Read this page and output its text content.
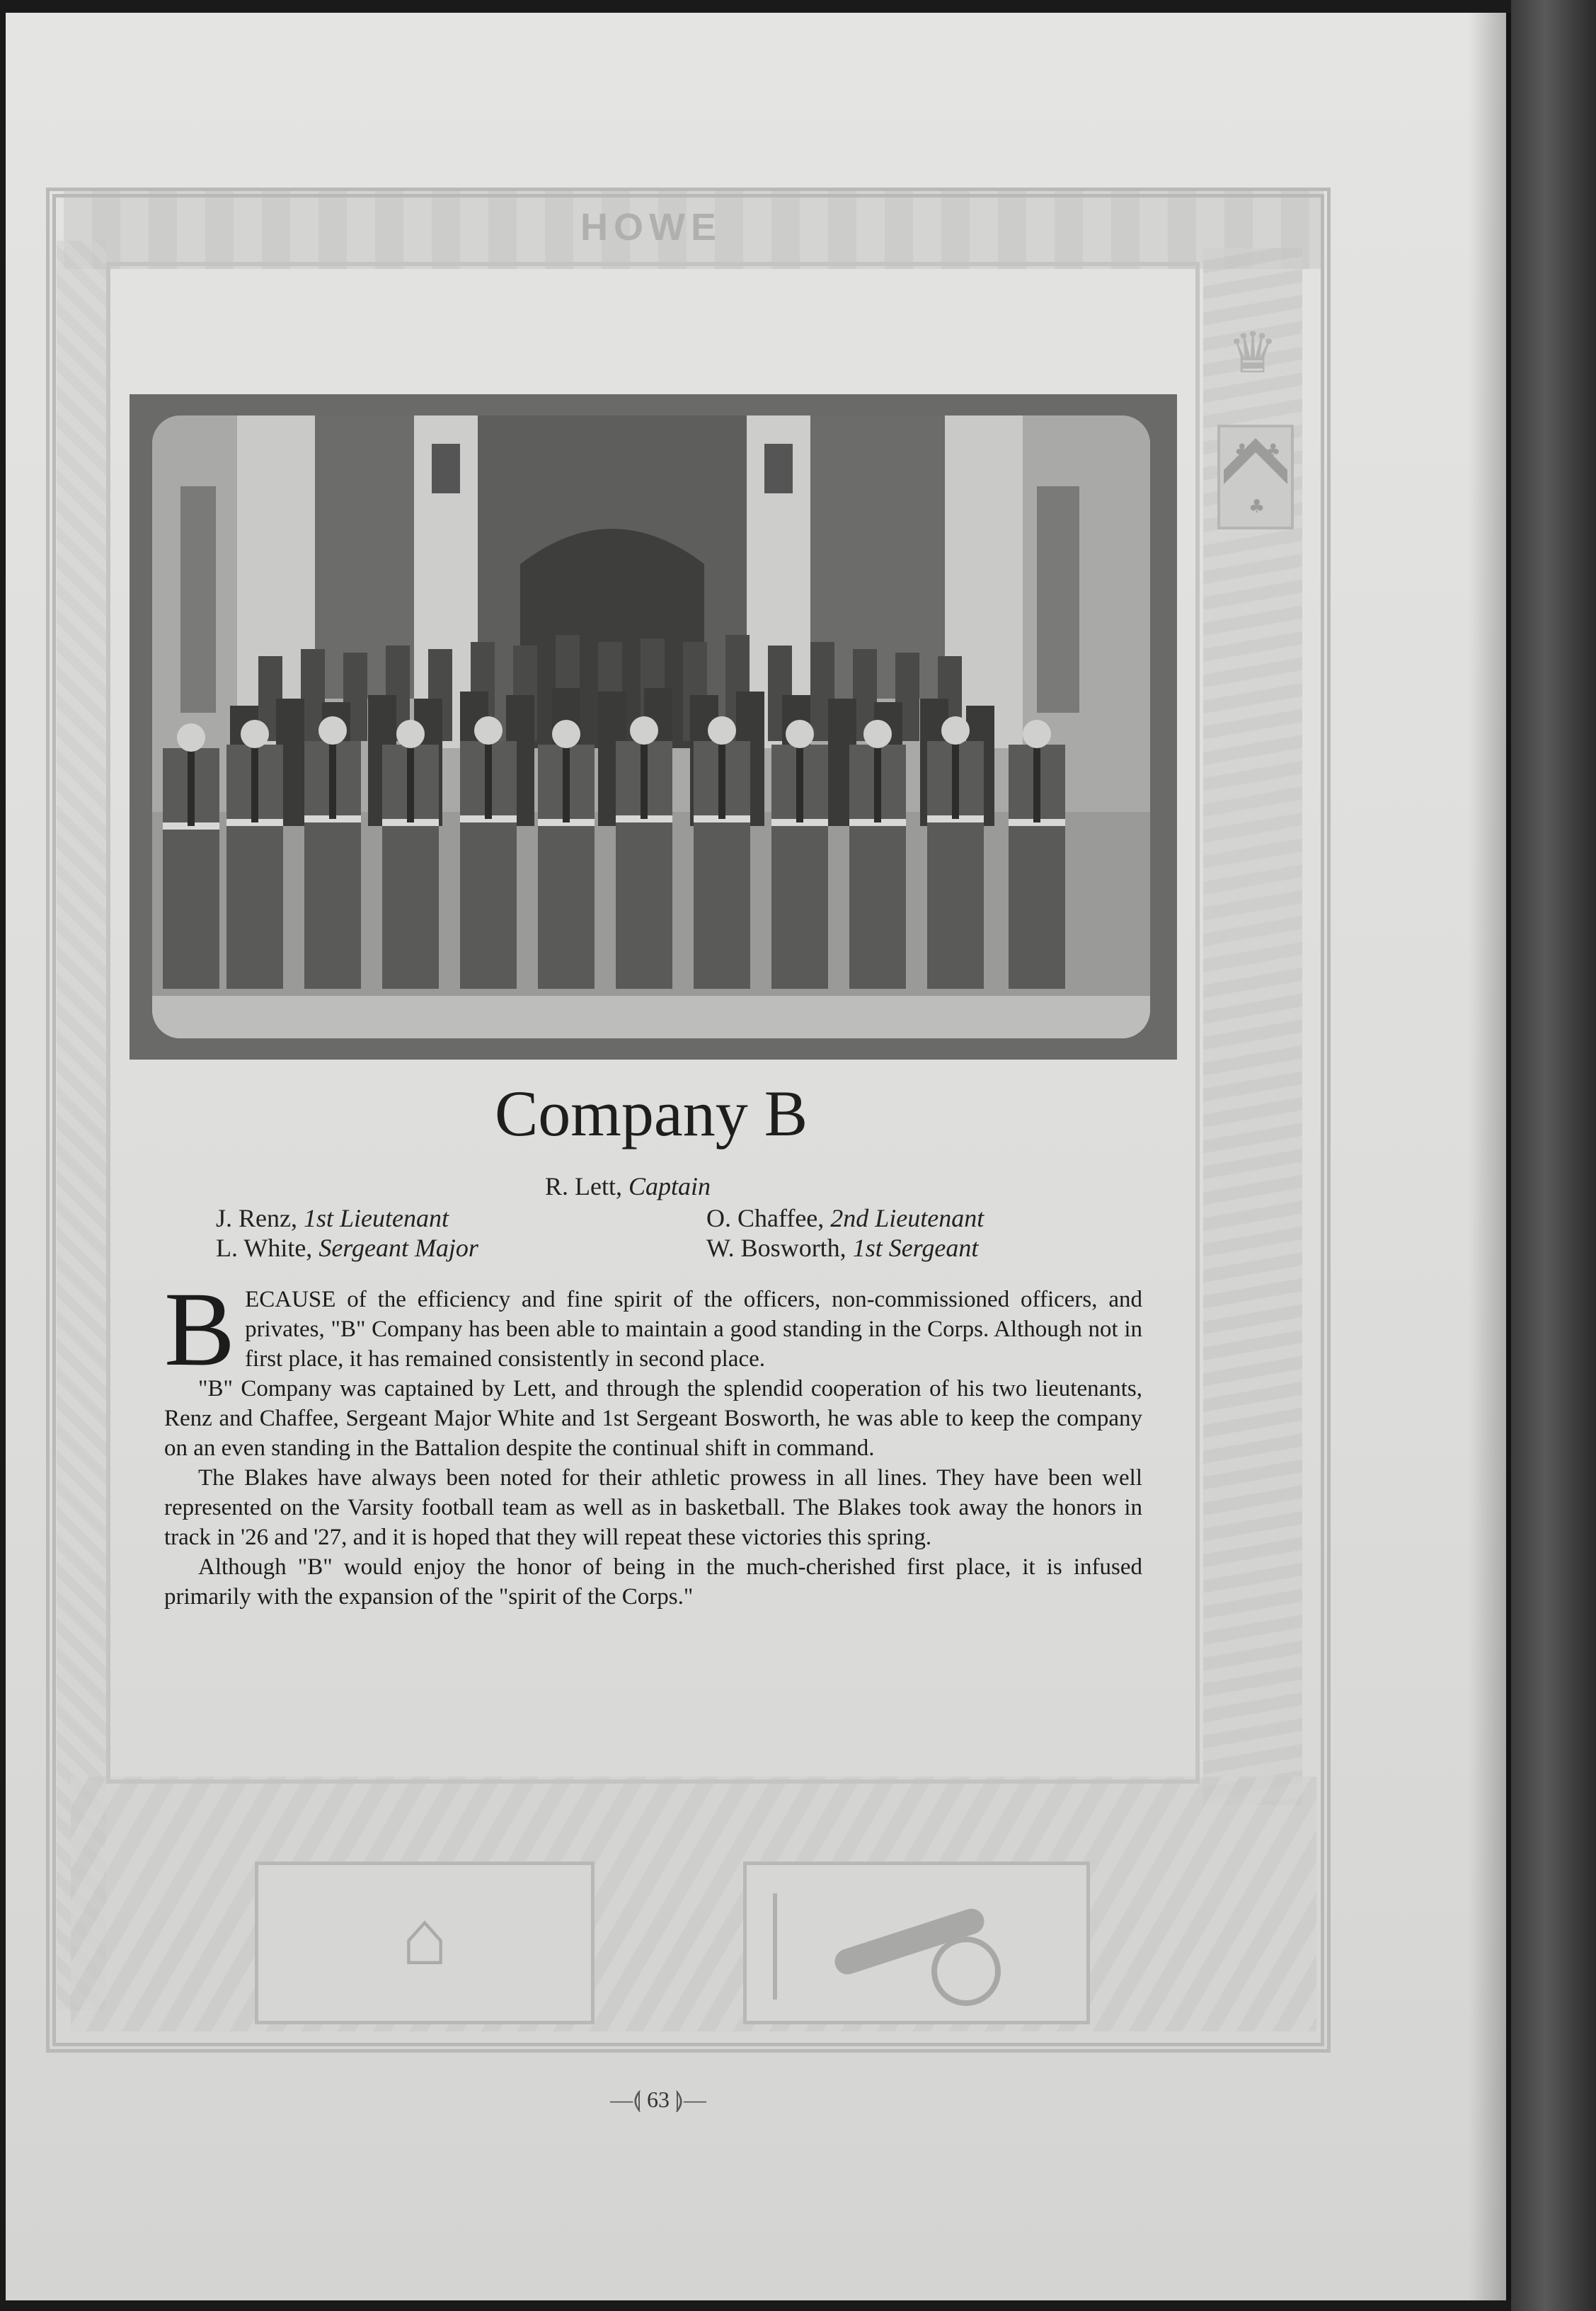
HOWE
♛
♣ ♣
♣
Company B
R. Lett, Captain
J. Renz, 1st Lieutenant	O. Chaffee, 2nd Lieutenant
L. White, Sergeant Major	W. Bosworth, 1st Sergeant

BECAUSE of the efficiency and fine spirit of the officers, non-commissioned officers, and privates, "B" Company has been able to maintain a good standing in the Corps. Although not in first place, it has remained consistently in second place.

"B" Company was captained by Lett, and through the splendid cooperation of his two lieutenants, Renz and Chaffee, Sergeant Major White and 1st Sergeant Bosworth, he was able to keep the company on an even standing in the Battalion despite the continual shift in command.

The Blakes have always been noted for their athletic prowess in all lines. They have been well represented on the Varsity football team as well as in basketball. The Blakes took away the honors in track in '26 and '27, and it is hoped that they will repeat these victories this spring.

Although "B" would enjoy the honor of being in the much-cherished first place, it is infused primarily with the expansion of the "spirit of the Corps."

⌂
—⟬ 63 ⟭—
